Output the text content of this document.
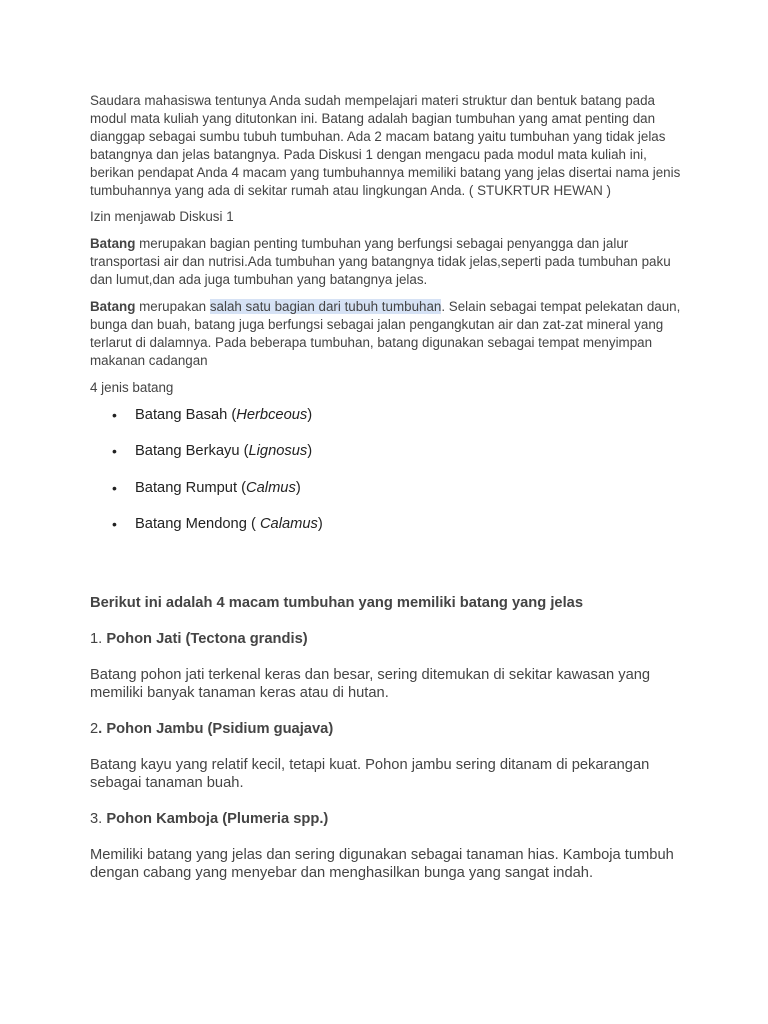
Saudara mahasiswa tentunya Anda sudah mempelajari materi struktur dan bentuk batang pada modul mata kuliah yang ditutonkan ini. Batang adalah bagian tumbuhan yang amat penting dan dianggap sebagai sumbu tubuh tumbuhan. Ada 2 macam batang yaitu tumbuhan yang tidak jelas batangnya dan jelas batangnya. Pada Diskusi 1 dengan mengacu pada modul mata kuliah ini, berikan pendapat Anda 4 macam yang tumbuhannya memiliki batang yang jelas disertai nama jenis tumbuhannya yang ada di sekitar rumah atau lingkungan Anda. ( STUKRTUR HEWAN )

Izin menjawab Diskusi 1

Batang merupakan bagian penting tumbuhan yang berfungsi sebagai penyangga dan jalur transportasi air dan nutrisi.Ada tumbuhan yang batangnya tidak jelas,seperti pada tumbuhan paku dan lumut,dan ada juga tumbuhan yang batangnya jelas.

Batang merupakan salah satu bagian dari tubuh tumbuhan. Selain sebagai tempat pelekatan daun, bunga dan buah, batang juga berfungsi sebagai jalan pengangkutan air dan zat-zat mineral yang terlarut di dalamnya. Pada beberapa tumbuhan, batang digunakan sebagai tempat menyimpan makanan cadangan

4 jenis batang

• Batang Basah (Herbceous)
• Batang Berkayu (Lignosus)
• Batang Rumput (Calmus)
• Batang Mendong ( Calamus)

Berikut ini adalah 4 macam tumbuhan yang memiliki batang yang jelas

1. Pohon Jati (Tectona grandis)

Batang pohon jati terkenal keras dan besar, sering ditemukan di sekitar kawasan yang memiliki banyak tanaman keras atau di hutan.

2. Pohon Jambu (Psidium guajava)

Batang kayu yang relatif kecil, tetapi kuat. Pohon jambu sering ditanam di pekarangan sebagai tanaman buah.

3. Pohon Kamboja (Plumeria spp.)

Memiliki batang yang jelas dan sering digunakan sebagai tanaman hias. Kamboja tumbuh dengan cabang yang menyebar dan menghasilkan bunga yang sangat indah.
